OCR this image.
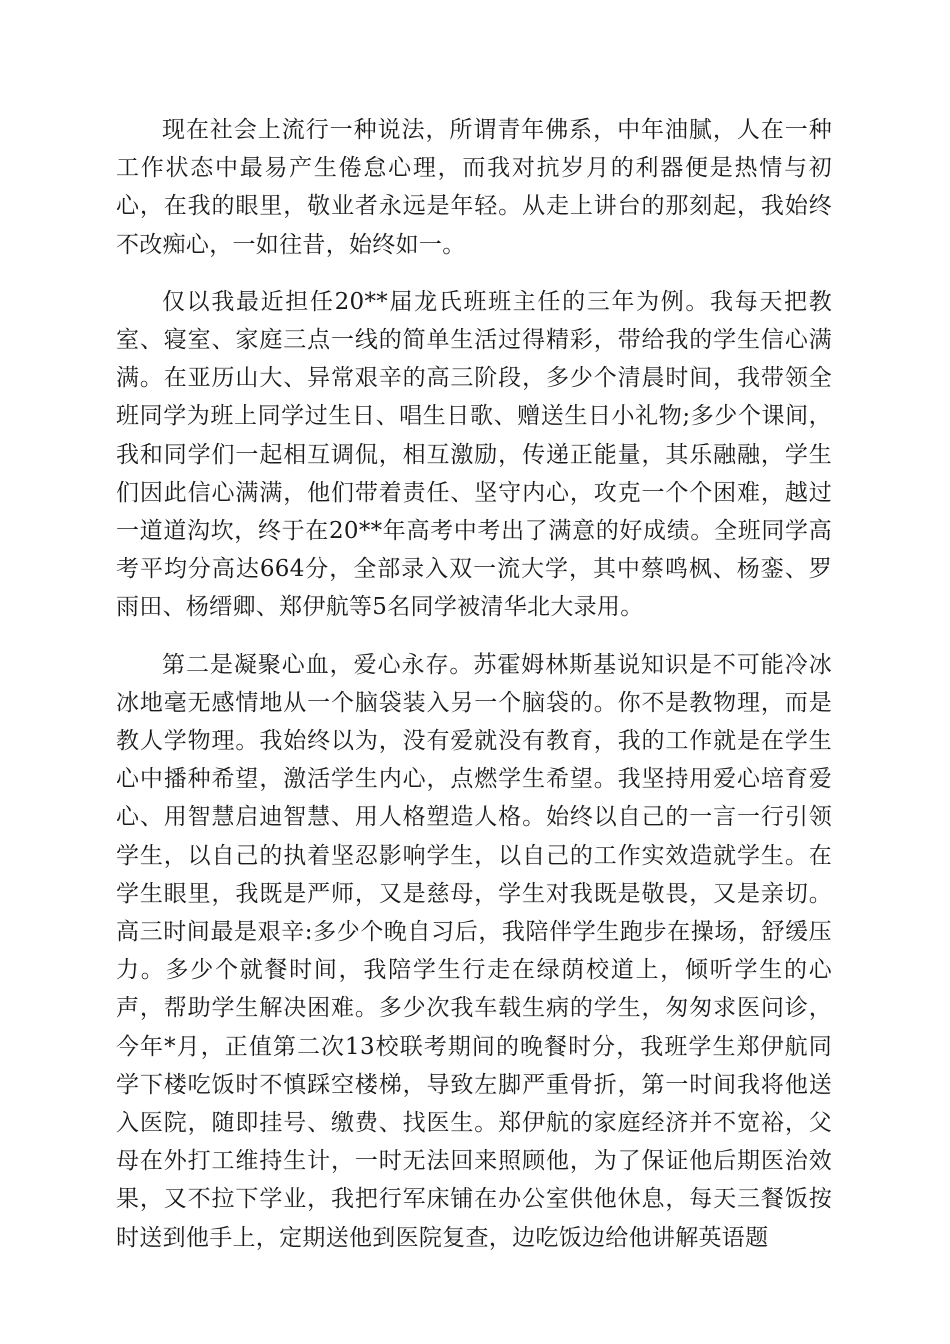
现在社会上流行一种说法，所谓青年佛系，中年油腻，人在一种工作状态中最易产生倦怠心理，而我对抗岁月的利器便是热情与初心，在我的眼里，敬业者永远是年轻。从走上讲台的那刻起，我始终不改痴心，一如往昔，始终如一。

仅以我最近担任20**届龙氏班班主任的三年为例。我每天把教室、寝室、家庭三点一线的简单生活过得精彩，带给我的学生信心满满。在亚历山大、异常艰辛的高三阶段，多少个清晨时间，我带领全班同学为班上同学过生日、唱生日歌、赠送生日小礼物;多少个课间，我和同学们一起相互调侃，相互激励，传递正能量，其乐融融，学生们因此信心满满，他们带着责任、坚守内心，攻克一个个困难，越过一道道沟坎，终于在20**年高考中考出了满意的好成绩。全班同学高考平均分高达664分，全部录入双一流大学，其中蔡鸣枫、杨銮、罗雨田、杨缙卿、郑伊航等5名同学被清华北大录用。

第二是凝聚心血，爱心永存。苏霍姆林斯基说知识是不可能冷冰冰地毫无感情地从一个脑袋装入另一个脑袋的。你不是教物理，而是教人学物理。我始终以为，没有爱就没有教育，我的工作就是在学生心中播种希望，激活学生内心，点燃学生希望。我坚持用爱心培育爱心、用智慧启迪智慧、用人格塑造人格。始终以自己的一言一行引领学生，以自己的执着坚忍影响学生，以自己的工作实效造就学生。在学生眼里，我既是严师，又是慈母，学生对我既是敬畏，又是亲切。高三时间最是艰辛:多少个晚自习后，我陪伴学生跑步在操场，舒缓压力。多少个就餐时间，我陪学生行走在绿荫校道上，倾听学生的心声，帮助学生解决困难。多少次我车载生病的学生，匆匆求医问诊，今年*月，正值第二次13校联考期间的晚餐时分，我班学生郑伊航同学下楼吃饭时不慎踩空楼梯，导致左脚严重骨折，第一时间我将他送入医院，随即挂号、缴费、找医生。郑伊航的家庭经济并不宽裕，父母在外打工维持生计，一时无法回来照顾他，为了保证他后期医治效果，又不拉下学业，我把行军床铺在办公室供他休息，每天三餐饭按时送到他手上，定期送他到医院复查，边吃饭边给他讲解英语题
